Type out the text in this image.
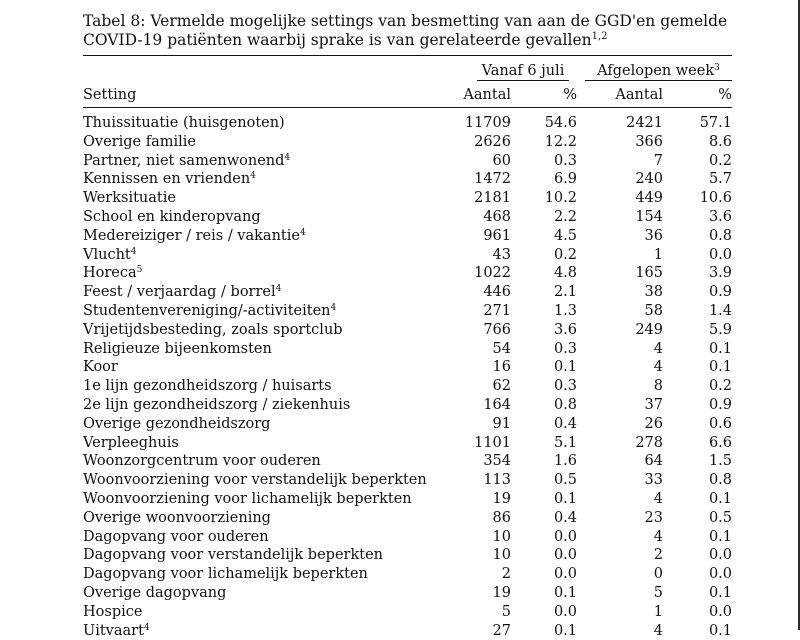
Tabel 8: Vermelde mogelijke settings van besmetting van aan de GGD'en gemelde COVID-19 patiënten waarbij sprake is van gerelateerde gevallen$^{1,2}$

	Vanaf 6 juli		Afgelopen week$^3$

Setting	Aantal	%	Aantal	%
Thuissituatie (huisgenoten)	11709	54.6	2421	57.1
Overige familie	2626	12.2	366	8.6
Partner, niet samenwonend$^4$	60	0.3	7	0.2
Kennissen en vrienden$^4$	1472	6.9	240	5.7
Werksituatie	2181	10.2	449	10.6
School en kinderopvang	468	2.2	154	3.6
Medereiziger / reis / vakantie$^4$	961	4.5	36	0.8
Vlucht$^4$	43	0.2	1	0.0
Horeca$^5$	1022	4.8	165	3.9
Feest / verjaardag / borrel$^4$	446	2.1	38	0.9
Studentenvereniging/-activiteiten$^4$	271	1.3	58	1.4
Vrijetijdsbesteding, zoals sportclub	766	3.6	249	5.9
Religieuze bijeenkomsten	54	0.3	4	0.1
Koor	16	0.1	4	0.1
1e lijn gezondheidszorg / huisarts	62	0.3	8	0.2
2e lijn gezondheidszorg / ziekenhuis	164	0.8	37	0.9
Overige gezondheidszorg	91	0.4	26	0.6
Verpleeghuis	1101	5.1	278	6.6
Woonzorgcentrum voor ouderen	354	1.6	64	1.5
Woonvoorziening voor verstandelijk beperkten	113	0.5	33	0.8
Woonvoorziening voor lichamelijk beperkten	19	0.1	4	0.1
Overige woonvoorziening	86	0.4	23	0.5
Dagopvang voor ouderen	10	0.0	4	0.1
Dagopvang voor verstandelijk beperkten	10	0.0	2	0.0
Dagopvang voor lichamelijk beperkten	2	0.0	0	0.0
Overige dagopvang	19	0.1	5	0.1
Hospice	5	0.0	1	0.0
Uitvaart$^4$	27	0.1	4	0.1
